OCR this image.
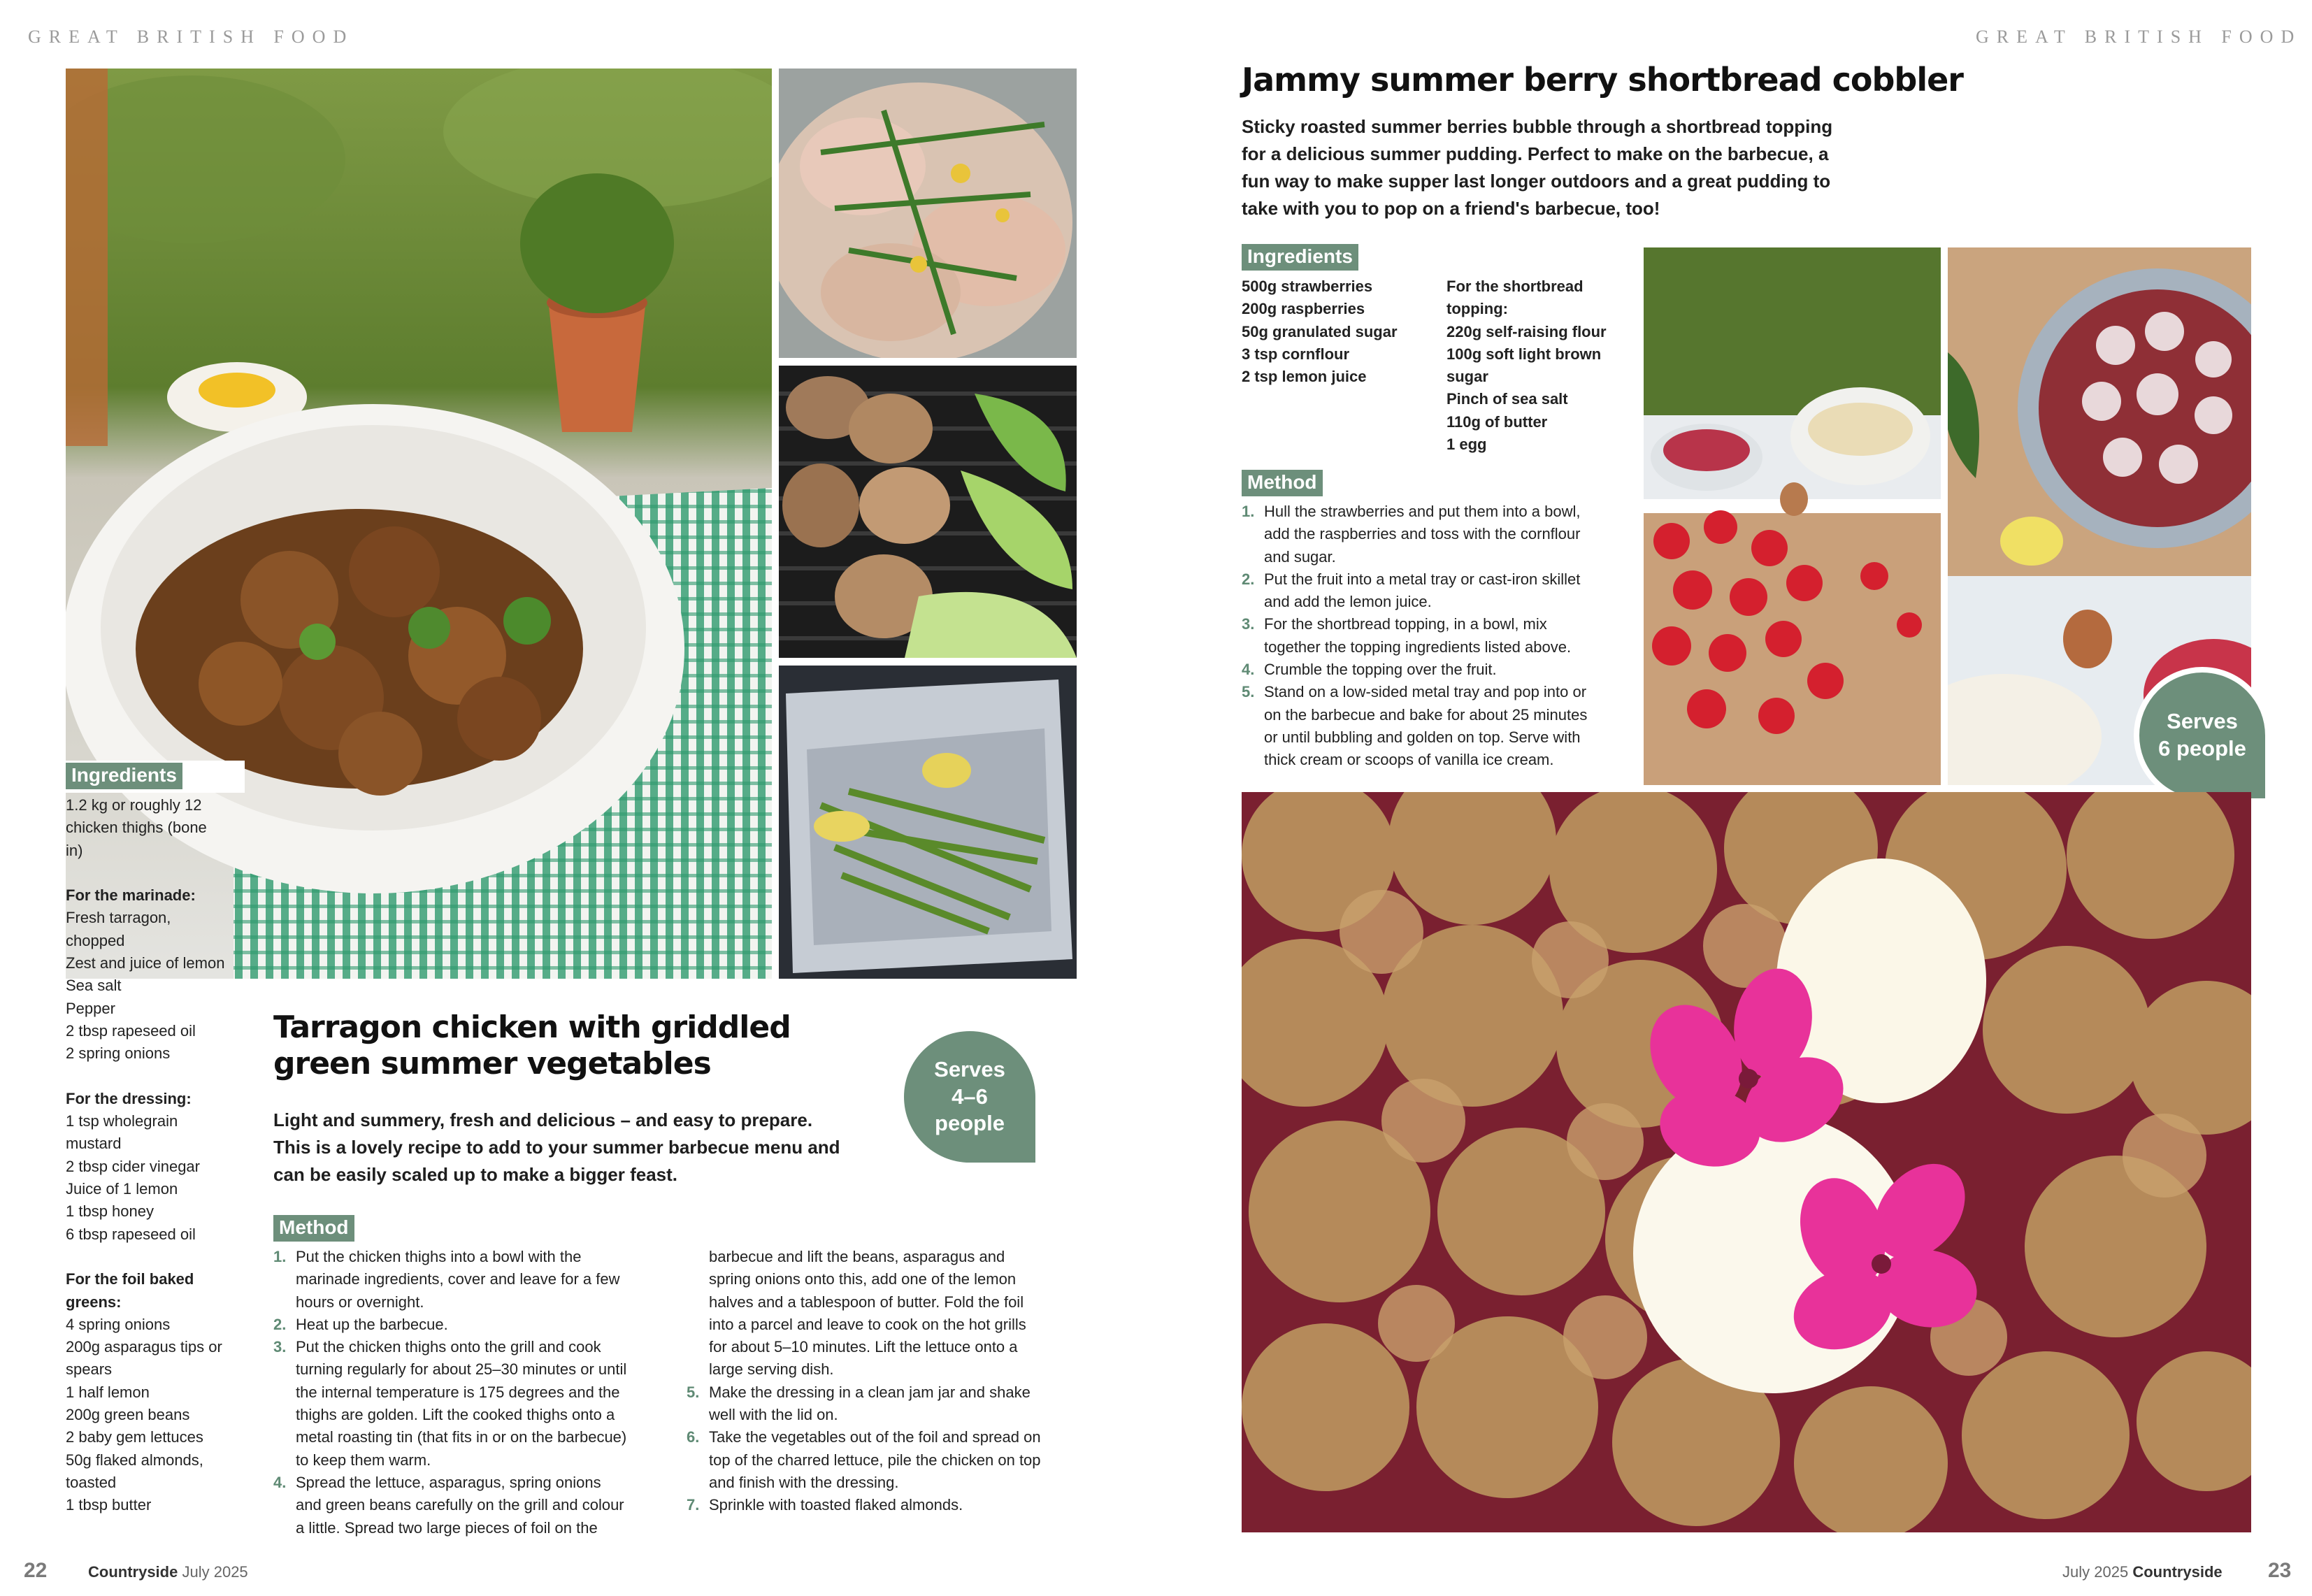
GREAT BRITISH FOOD	GREAT BRITISH FOOD
Ingredients
1.2 kg or roughly 12
chicken thighs (bone
in)
For the marinade:
Fresh tarragon,
chopped
Zest and juice of lemon
Sea salt
Pepper
2 tbsp rapeseed oil
2 spring onions
For the dressing:
1 tsp wholegrain
mustard
2 tbsp cider vinegar
Juice of 1 lemon
1 tbsp honey
6 tbsp rapeseed oil
For the foil baked
greens:
4 spring onions
200g asparagus tips or
spears
1 half lemon
200g green beans
2 baby gem lettuces
50g flaked almonds,
toasted
1 tbsp butter
Tarragon chicken with griddled
green summer vegetables
Light and summery, fresh and delicious – and easy to prepare. This is a lovely recipe to add to your summer barbecue menu and can be easily scaled up to make a bigger feast.
Serves
4–6
people
Method
1. Put the chicken thighs into a bowl with the
marinade ingredients, cover and leave for a few
hours or overnight.
2. Heat up the barbecue.
3. Put the chicken thighs onto the grill and cook
turning regularly for about 25–30 minutes or until
the internal temperature is 175 degrees and the
thighs are golden. Lift the cooked thighs onto a
metal roasting tin (that fits in or on the barbecue)
to keep them warm.
4. Spread the lettuce, asparagus, spring onions
and green beans carefully on the grill and colour
a little. Spread two large pieces of foil on the
barbecue and lift the beans, asparagus and
spring onions onto this, add one of the lemon
halves and a tablespoon of butter. Fold the foil
into a parcel and leave to cook on the hot grills
for about 5–10 minutes. Lift the lettuce onto a
large serving dish.
5. Make the dressing in a clean jam jar and shake
well with the lid on.
6. Take the vegetables out of the foil and spread on
top of the charred lettuce, pile the chicken on top
and finish with the dressing.
7. Sprinkle with toasted flaked almonds.
Jammy summer berry shortbread cobbler
Sticky roasted summer berries bubble through a shortbread topping
for a delicious summer pudding. Perfect to make on the barbecue, a
fun way to make supper last longer outdoors and a great pudding to
take with you to pop on a friend's barbecue, too!
Ingredients
500g strawberries
200g raspberries
50g granulated sugar
3 tsp cornflour
2 tsp lemon juice
For the shortbread
topping:
220g self-raising flour
100g soft light brown
sugar
Pinch of sea salt
110g of butter
1 egg
Method
1. Hull the strawberries and put them into a bowl,
add the raspberries and toss with the cornflour
and sugar.
2. Put the fruit into a metal tray or cast-iron skillet
and add the lemon juice.
3. For the shortbread topping, in a bowl, mix
together the topping ingredients listed above.
4. Crumble the topping over the fruit.
5. Stand on a low-sided metal tray and pop into or
on the barbecue and bake for about 25 minutes
or until bubbling and golden on top. Serve with
thick cream or scoops of vanilla ice cream.
Serves
6 people
22	Countryside July 2025	July 2025 Countryside 23
